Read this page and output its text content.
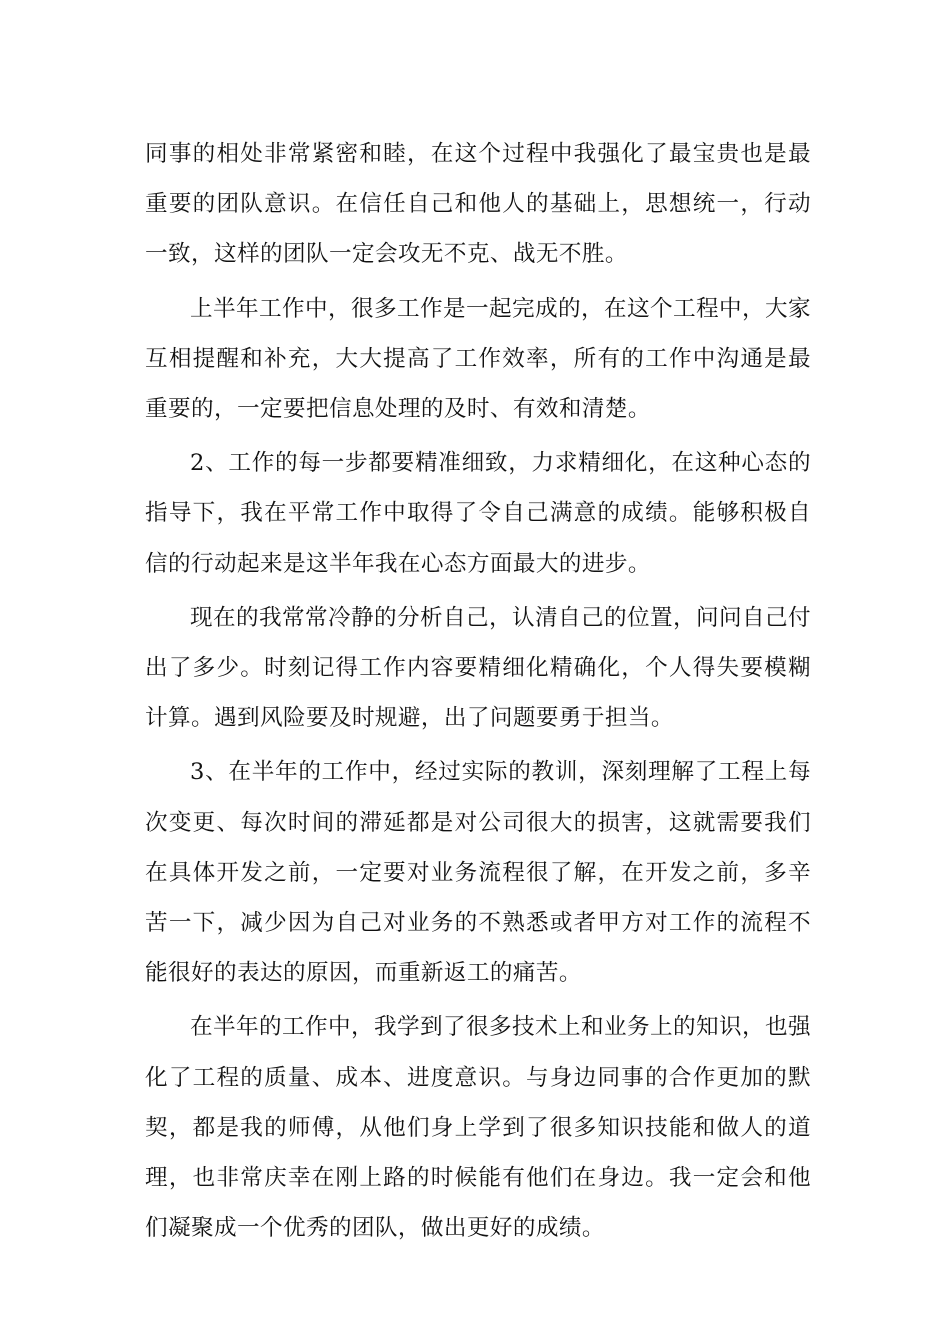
同事的相处非常紧密和睦，在这个过程中我强化了最宝贵也是最重要的团队意识。在信任自己和他人的基础上，思想统一，行动一致，这样的团队一定会攻无不克、战无不胜。

上半年工作中，很多工作是一起完成的，在这个工程中，大家互相提醒和补充，大大提高了工作效率，所有的工作中沟通是最重要的，一定要把信息处理的及时、有效和清楚。

2、工作的每一步都要精准细致，力求精细化，在这种心态的指导下，我在平常工作中取得了令自己满意的成绩。能够积极自信的行动起来是这半年我在心态方面最大的进步。

现在的我常常冷静的分析自己，认清自己的位置，问问自己付出了多少。时刻记得工作内容要精细化精确化，个人得失要模糊计算。遇到风险要及时规避，出了问题要勇于担当。

3、在半年的工作中，经过实际的教训，深刻理解了工程上每次变更、每次时间的滞延都是对公司很大的损害，这就需要我们在具体开发之前，一定要对业务流程很了解，在开发之前，多辛苦一下，减少因为自己对业务的不熟悉或者甲方对工作的流程不能很好的表达的原因，而重新返工的痛苦。

在半年的工作中，我学到了很多技术上和业务上的知识，也强化了工程的质量、成本、进度意识。与身边同事的合作更加的默契，都是我的师傅，从他们身上学到了很多知识技能和做人的道理，也非常庆幸在刚上路的时候能有他们在身边。我一定会和他们凝聚成一个优秀的团队，做出更好的成绩。
